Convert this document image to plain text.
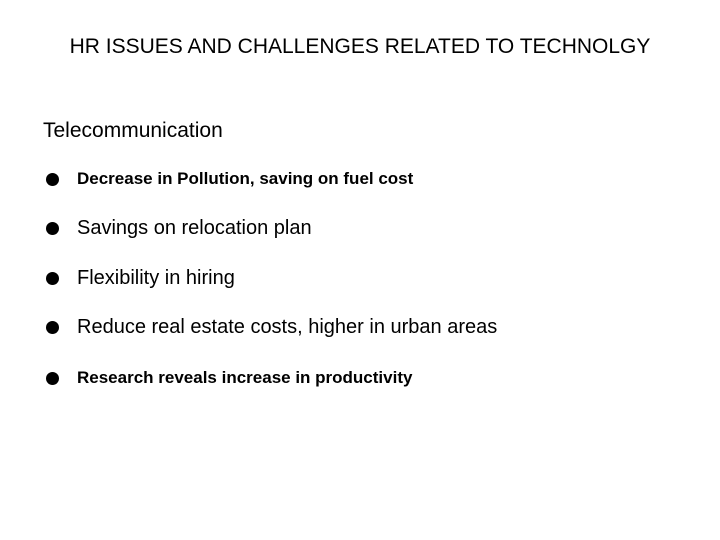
HR ISSUES AND CHALLENGES RELATED TO TECHNOLGY
Telecommunication
Decrease in Pollution, saving on fuel cost
Savings on relocation plan
Flexibility in hiring
Reduce real estate costs, higher in urban areas
Research reveals increase in productivity
